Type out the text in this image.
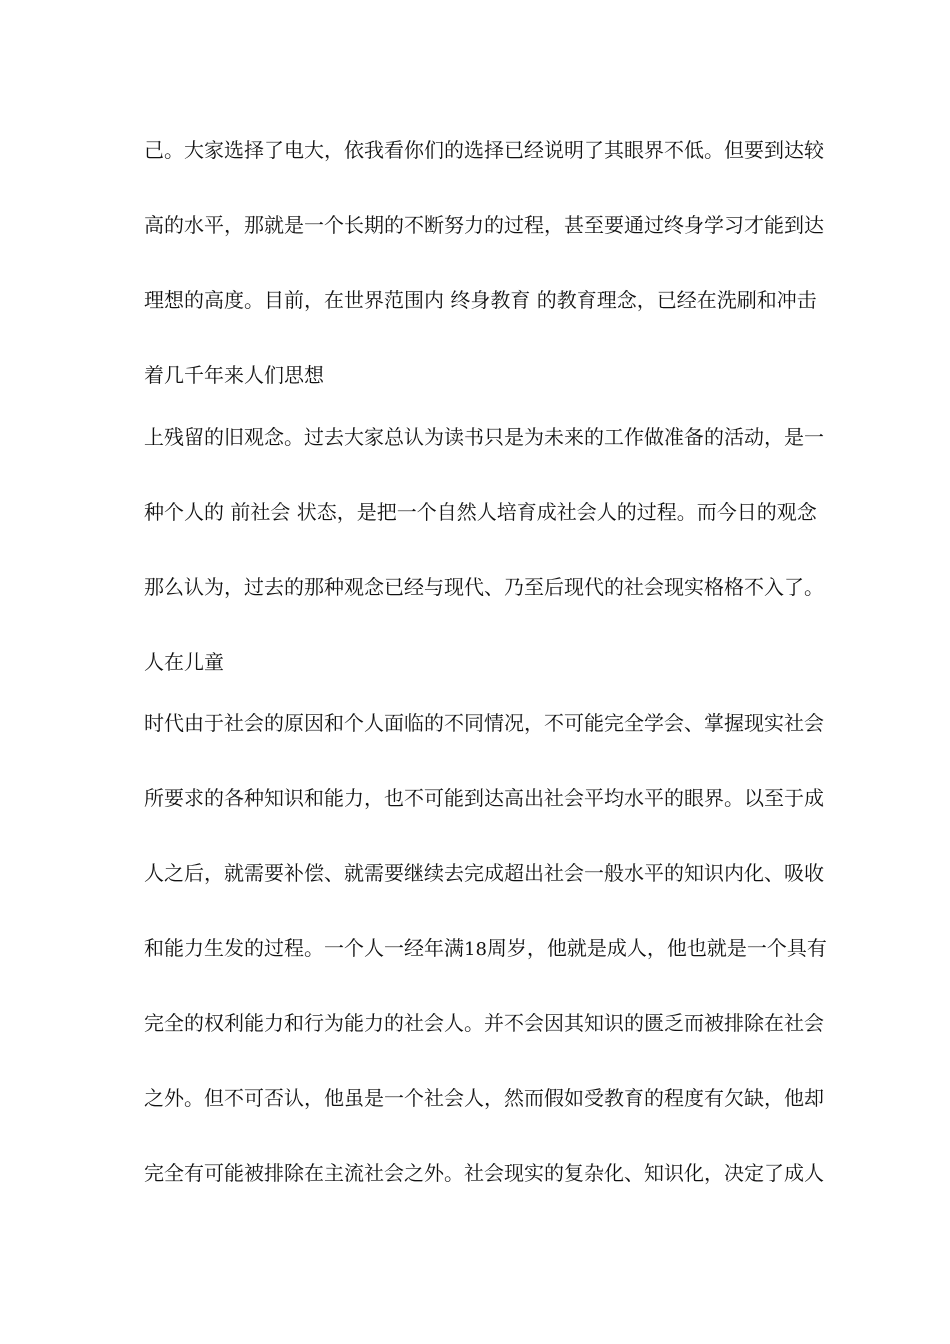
己。大家选择了电大，依我看你们的选择已经说明了其眼界不低。但要到达较
高的水平，那就是一个长期的不断努力的过程，甚至要通过终身学习才能到达
理想的高度。目前，在世界范围内 终身教育 的教育理念，已经在洗刷和冲击
着几千年来人们思想
上残留的旧观念。过去大家总认为读书只是为未来的工作做准备的活动，是一
种个人的 前社会 状态，是把一个自然人培育成社会人的过程。而今日的观念
那么认为，过去的那种观念已经与现代、乃至后现代的社会现实格格不入了。
人在儿童
时代由于社会的原因和个人面临的不同情况，不可能完全学会、掌握现实社会
所要求的各种知识和能力，也不可能到达高出社会平均水平的眼界。以至于成
人之后，就需要补偿、就需要继续去完成超出社会一般水平的知识内化、吸收
和能力生发的过程。一个人一经年满18周岁，他就是成人，他也就是一个具有
完全的权利能力和行为能力的社会人。并不会因其知识的匮乏而被排除在社会
之外。但不可否认，他虽是一个社会人，然而假如受教育的程度有欠缺，他却
完全有可能被排除在主流社会之外。社会现实的复杂化、知识化，决定了成人
